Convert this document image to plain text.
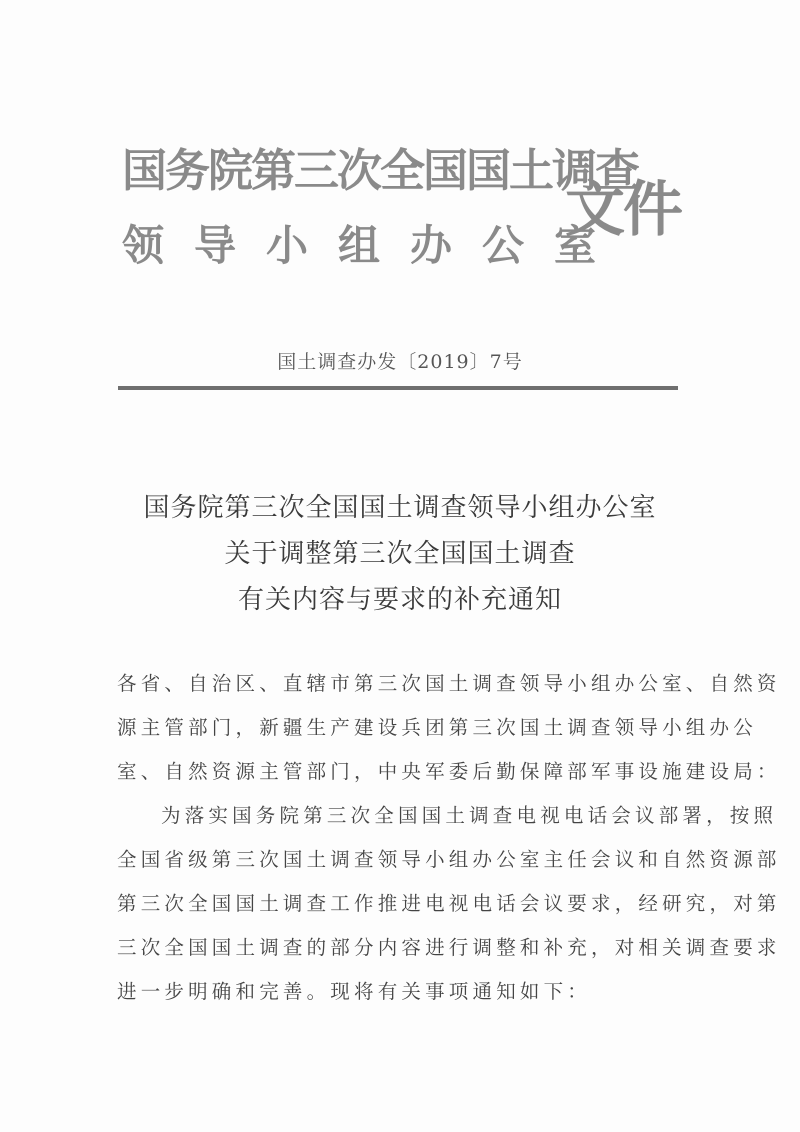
国务院第三次全国国土调查
领导小组办公室
文件
国土调查办发〔2019〕7号
国务院第三次全国国土调查领导小组办公室
关于调整第三次全国国土调查
有关内容与要求的补充通知

各省、自治区、直辖市第三次国土调查领导小组办公室、自然资
源主管部门，新疆生产建设兵团第三次国土调查领导小组办公
室、自然资源主管部门，中央军委后勤保障部军事设施建设局：

为落实国务院第三次全国国土调查电视电话会议部署，按照
全国省级第三次国土调查领导小组办公室主任会议和自然资源部
第三次全国国土调查工作推进电视电话会议要求，经研究，对第
三次全国国土调查的部分内容进行调整和补充，对相关调查要求
进一步明确和完善。现将有关事项通知如下：
